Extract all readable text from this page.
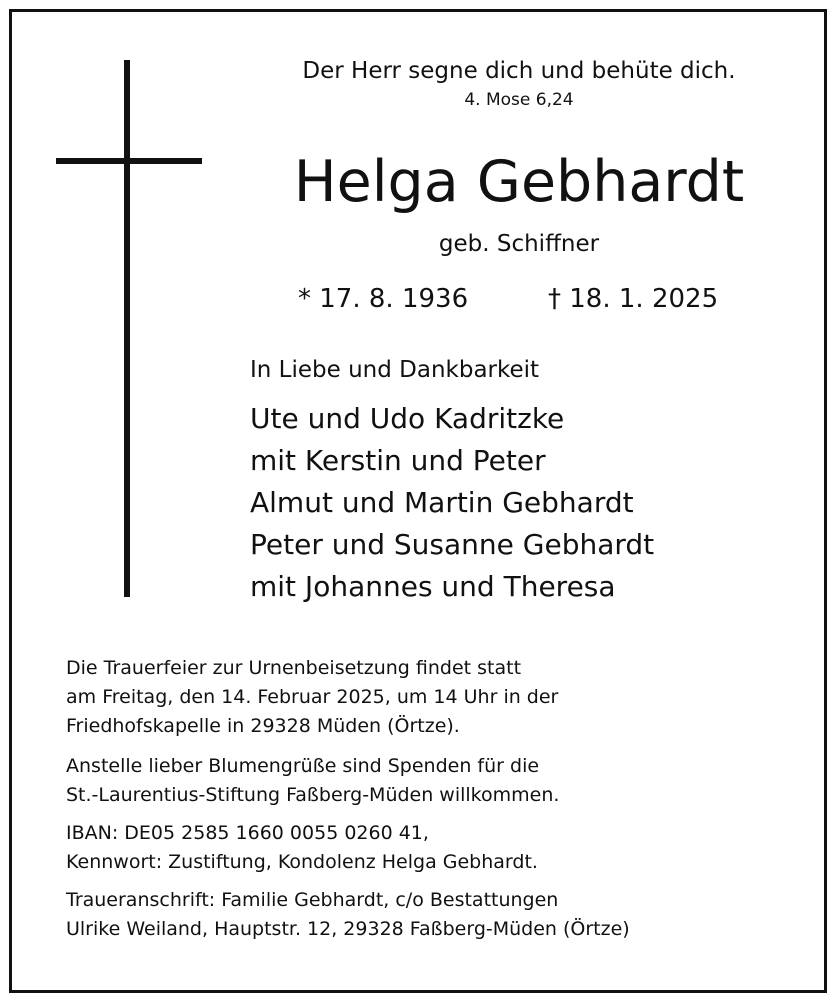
Der Herr segne dich und behüte dich.
4. Mose 6,24
Helga Gebhardt
geb. Schiffner
* 17. 8. 1936	† 18. 1. 2025
In Liebe und Dankbarkeit
Ute und Udo Kadritzke
mit Kerstin und Peter
Almut und Martin Gebhardt
Peter und Susanne Gebhardt
mit Johannes und Theresa

Die Trauerfeier zur Urnenbeisetzung findet statt

am Freitag, den 14. Februar 2025, um 14 Uhr in der

Friedhofskapelle in 29328 Müden (Örtze).

Anstelle lieber Blumengrüße sind Spenden für die

St.-Laurentius-Stiftung Faßberg-Müden willkommen.

IBAN: DE05 2585 1660 0055 0260 41,

Kennwort: Zustiftung, Kondolenz Helga Gebhardt.

Traueranschrift: Familie Gebhardt, c/o Bestattungen

Ulrike Weiland, Hauptstr. 12, 29328 Faßberg-Müden (Örtze)
